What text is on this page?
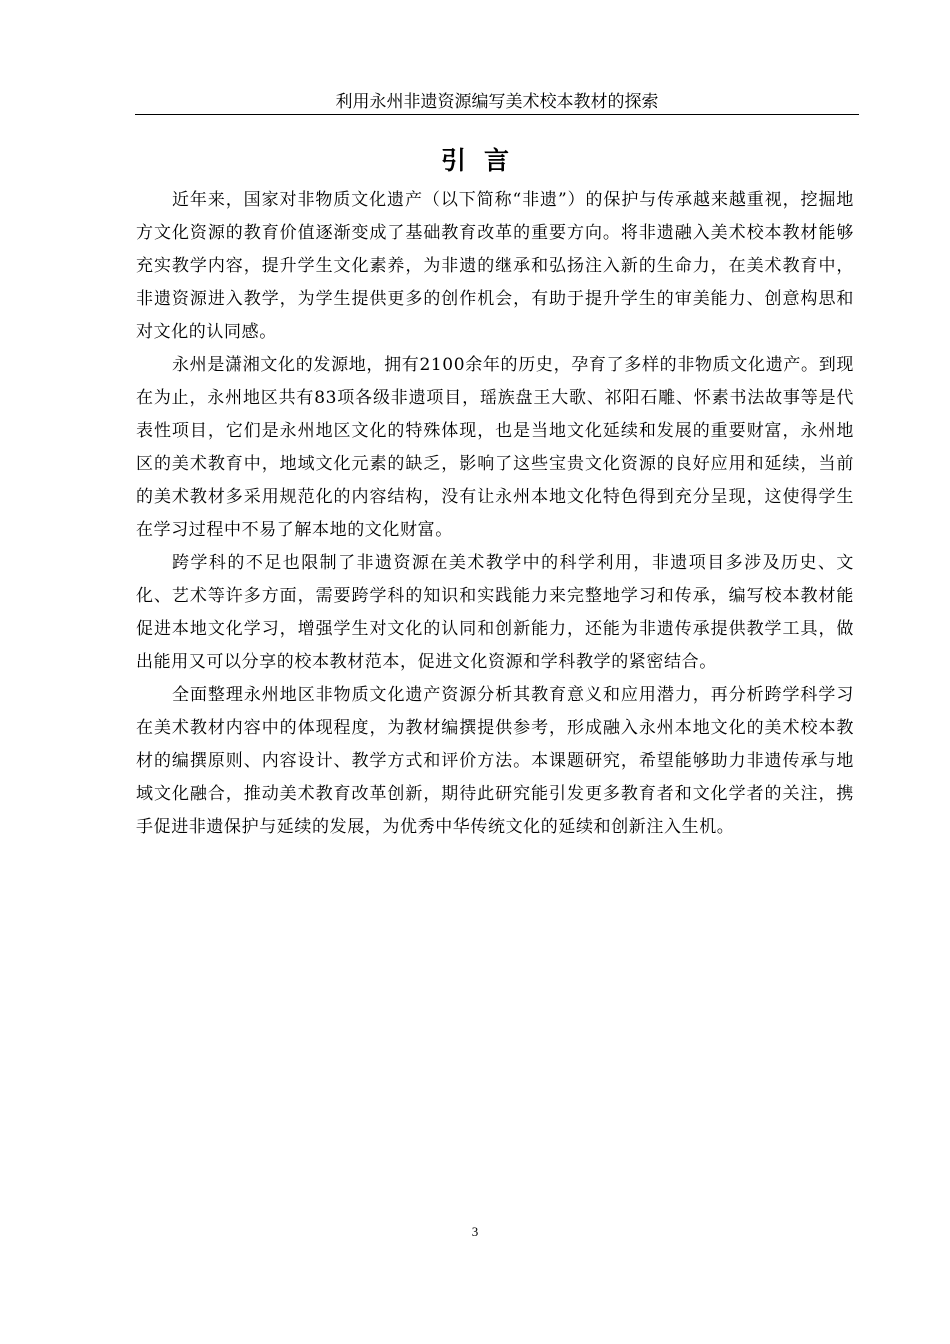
利用永州非遗资源编写美术校本教材的探索
引言

近年来，国家对非物质文化遗产（以下简称“非遗”）的保护与传承越来越重视，挖掘地方文化资源的教育价值逐渐变成了基础教育改革的重要方向。将非遗融入美术校本教材能够充实教学内容，提升学生文化素养，为非遗的继承和弘扬注入新的生命力，在美术教育中，非遗资源进入教学，为学生提供更多的创作机会，有助于提升学生的审美能力、创意构思和对文化的认同感。

永州是潇湘文化的发源地，拥有2100余年的历史，孕育了多样的非物质文化遗产。到现在为止，永州地区共有83项各级非遗项目，瑶族盘王大歌、祁阳石雕、怀素书法故事等是代表性项目，它们是永州地区文化的特殊体现，也是当地文化延续和发展的重要财富，永州地区的美术教育中，地域文化元素的缺乏，影响了这些宝贵文化资源的良好应用和延续，当前的美术教材多采用规范化的内容结构，没有让永州本地文化特色得到充分呈现，这使得学生在学习过程中不易了解本地的文化财富。

跨学科的不足也限制了非遗资源在美术教学中的科学利用，非遗项目多涉及历史、文化、艺术等许多方面，需要跨学科的知识和实践能力来完整地学习和传承，编写校本教材能促进本地文化学习，增强学生对文化的认同和创新能力，还能为非遗传承提供教学工具，做出能用又可以分享的校本教材范本，促进文化资源和学科教学的紧密结合。

全面整理永州地区非物质文化遗产资源分析其教育意义和应用潜力，再分析跨学科学习在美术教材内容中的体现程度，为教材编撰提供参考，形成融入永州本地文化的美术校本教材的编撰原则、内容设计、教学方式和评价方法。本课题研究，希望能够助力非遗传承与地域文化融合，推动美术教育改革创新，期待此研究能引发更多教育者和文化学者的关注，携手促进非遗保护与延续的发展，为优秀中华传统文化的延续和创新注入生机。

3
